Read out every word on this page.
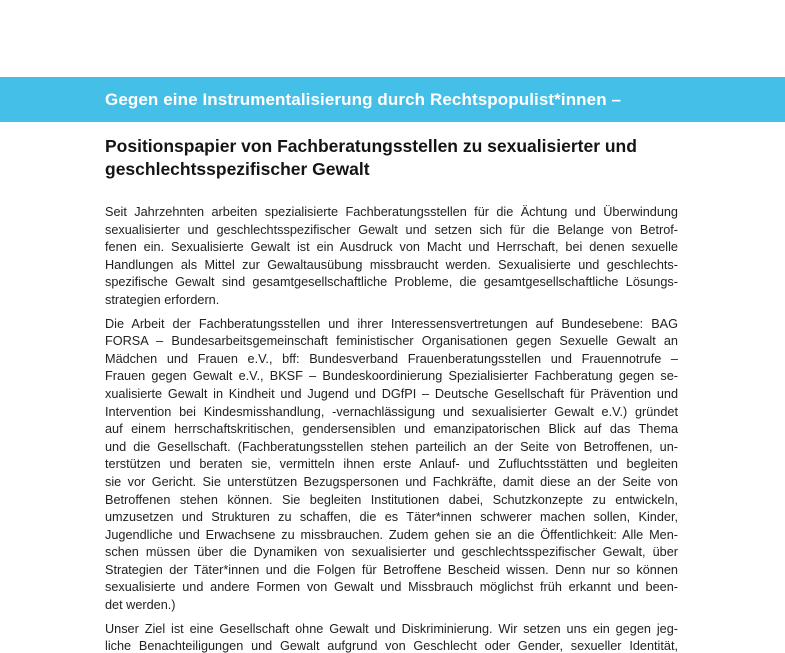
Gegen eine Instrumentalisierung durch Rechtspopulist*innen –
Positionspapier von Fachberatungsstellen zu sexualisierter und
geschlechtsspezifischer Gewalt
Seit Jahrzehnten arbeiten spezialisierte Fachberatungsstellen für die Ächtung und Überwindung
sexualisierter und geschlechtsspezifischer Gewalt und setzen sich für die Belange von Betrof-
fenen ein. Sexualisierte Gewalt ist ein Ausdruck von Macht und Herrschaft, bei denen sexuelle
Handlungen als Mittel zur Gewaltausübung missbraucht werden. Sexualisierte und geschlechts-
spezifische Gewalt sind gesamtgesellschaftliche Probleme, die gesamtgesellschaftliche Lösungs-
strategien erfordern.
Die Arbeit der Fachberatungsstellen und ihrer Interessensvertretungen auf Bundesebene: BAG
FORSA – Bundesarbeitsgemeinschaft feministischer Organisationen gegen Sexuelle Gewalt an
Mädchen und Frauen e.V., bff: Bundesverband Frauenberatungsstellen und Frauennotrufe –
Frauen gegen Gewalt e.V., BKSF – Bundeskoordinierung Spezialisierter Fachberatung gegen se-
xualisierte Gewalt in Kindheit und Jugend und DGfPI – Deutsche Gesellschaft für Prävention und
Intervention bei Kindesmisshandlung, -vernachlässigung und sexualisierter Gewalt e.V.) gründet
auf einem herrschaftskritischen, gendersensiblen und emanzipatorischen Blick auf das Thema
und die Gesellschaft. (Fachberatungsstellen stehen parteilich an der Seite von Betroffenen, un-
terstützen und beraten sie, vermitteln ihnen erste Anlauf- und Zufluchtsstätten und begleiten
sie vor Gericht. Sie unterstützen Bezugspersonen und Fachkräfte, damit diese an der Seite von
Betroffenen stehen können. Sie begleiten Institutionen dabei, Schutzkonzepte zu entwickeln,
umzusetzen und Strukturen zu schaffen, die es Täter*innen schwerer machen sollen, Kinder,
Jugendliche und Erwachsene zu missbrauchen. Zudem gehen sie an die Öffentlichkeit: Alle Men-
schen müssen über die Dynamiken von sexualisierter und geschlechtsspezifischer Gewalt, über
Strategien der Täter*innen und die Folgen für Betroffene Bescheid wissen. Denn nur so können
sexualisierte und andere Formen von Gewalt und Missbrauch möglichst früh erkannt und been-
det werden.)
Unser Ziel ist eine Gesellschaft ohne Gewalt und Diskriminierung. Wir setzen uns ein gegen jeg-
liche Benachteiligungen und Gewalt aufgrund von Geschlecht oder Gender, sexueller Identität,
